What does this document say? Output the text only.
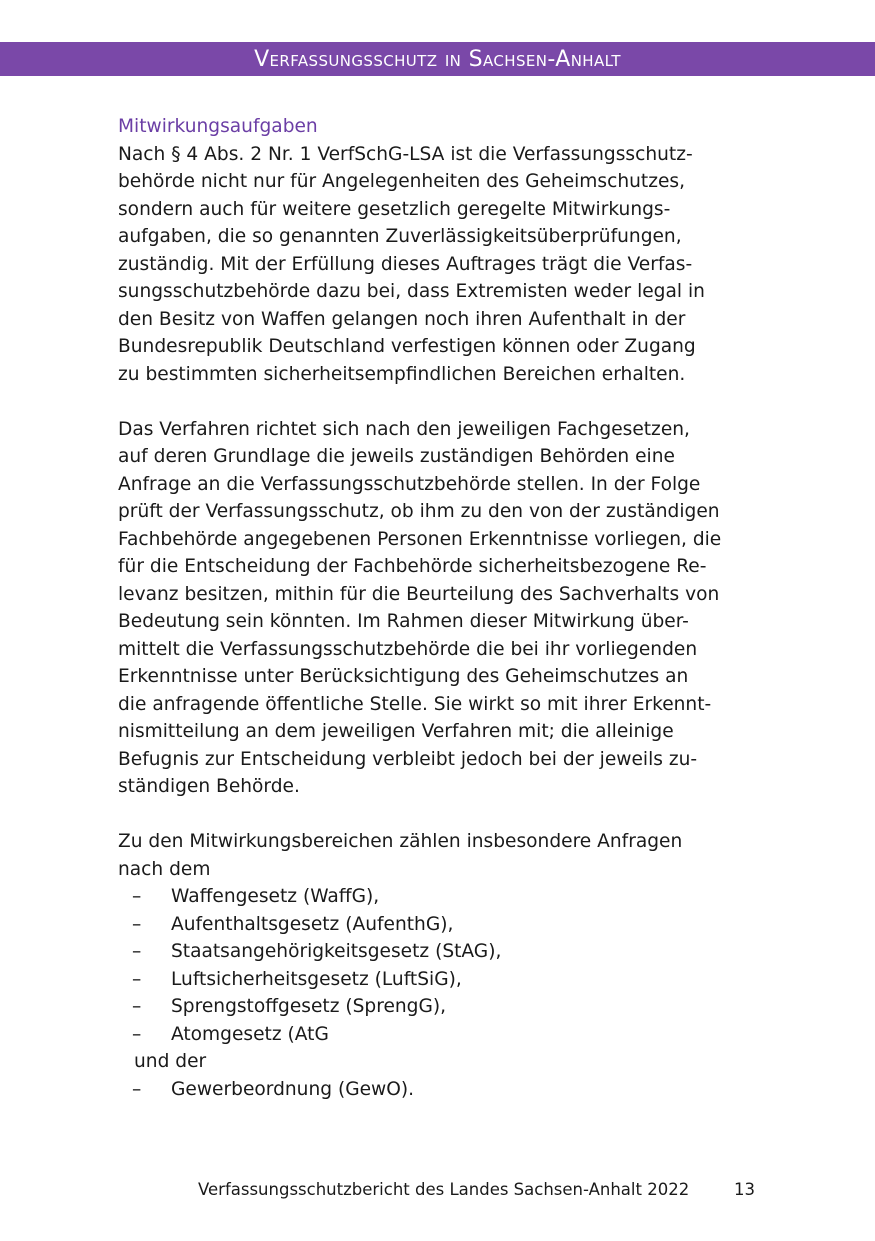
Verfassungsschutz in Sachsen-Anhalt
Mitwirkungsaufgaben
Nach § 4 Abs. 2 Nr. 1 VerfSchG-LSA ist die Verfassungsschutz-
behörde nicht nur für Angelegenheiten des Geheimschutzes,
sondern auch für weitere gesetzlich geregelte Mitwirkungs-
aufgaben, die so genannten Zuverlässigkeitsüberprüfungen,
zuständig. Mit der Erfüllung dieses Auftrages trägt die Verfas-
sungsschutzbehörde dazu bei, dass Extremisten weder legal in
den Besitz von Waffen gelangen noch ihren Aufenthalt in der
Bundesrepublik Deutschland verfestigen können oder Zugang
zu bestimmten sicherheitsempfindlichen Bereichen erhalten.
Das Verfahren richtet sich nach den jeweiligen Fachgesetzen,
auf deren Grundlage die jeweils zuständigen Behörden eine
Anfrage an die Verfassungsschutzbehörde stellen. In der Folge
prüft der Verfassungsschutz, ob ihm zu den von der zuständigen
Fachbehörde angegebenen Personen Erkenntnisse vorliegen, die
für die Entscheidung der Fachbehörde sicherheitsbezogene Re-
levanz besitzen, mithin für die Beurteilung des Sachverhalts von
Bedeutung sein könnten. Im Rahmen dieser Mitwirkung über-
mittelt die Verfassungsschutzbehörde die bei ihr vorliegenden
Erkenntnisse unter Berücksichtigung des Geheimschutzes an
die anfragende öffentliche Stelle. Sie wirkt so mit ihrer Erkennt-
nismitteilung an dem jeweiligen Verfahren mit; die alleinige
Befugnis zur Entscheidung verbleibt jedoch bei der jeweils zu-
ständigen Behörde.
Zu den Mitwirkungsbereichen zählen insbesondere Anfragen
nach dem
– Waffengesetz (WaffG),
– Aufenthaltsgesetz (AufenthG),
– Staatsangehörigkeitsgesetz (StAG),
– Luftsicherheitsgesetz (LuftSiG),
– Sprengstoffgesetz (SprengG),
– Atomgesetz (AtG
und der
– Gewerbeordnung (GewO).
Verfassungsschutzbericht des Landes Sachsen-Anhalt 2022	13
